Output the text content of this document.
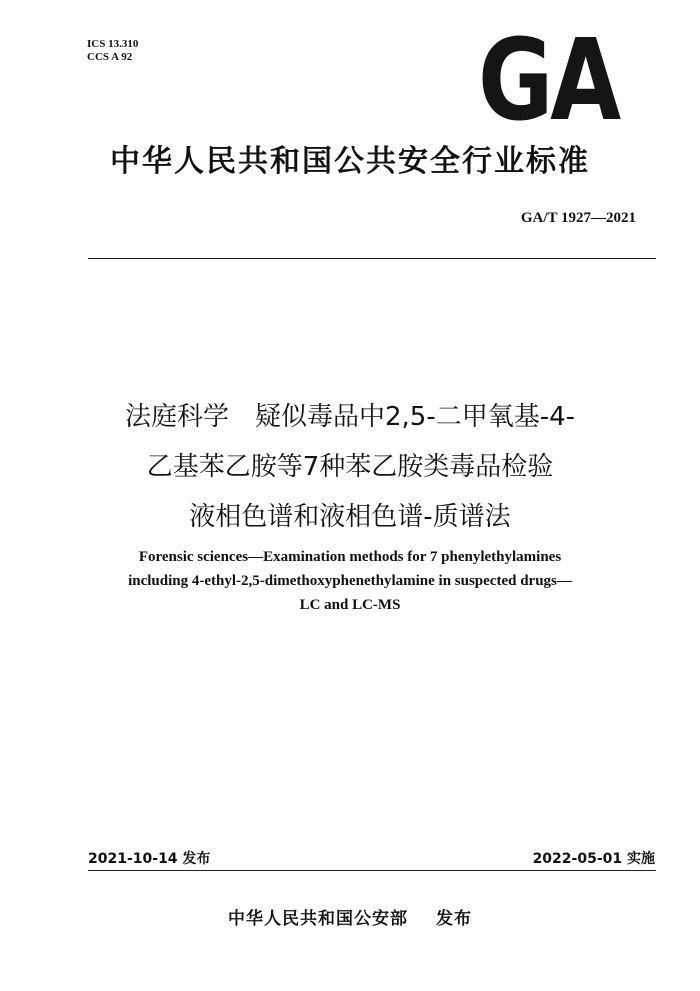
ICS 13.310
CCS A 92	GA
中华人民共和国公共安全行业标准
GA/T 1927—2021
法庭科学　疑似毒品中2,5-二甲氧基-4-
乙基苯乙胺等7种苯乙胺类毒品检验
液相色谱和液相色谱-质谱法
Forensic sciences—Examination methods for 7 phenylethylamines
including 4-ethyl-2,5-dimethoxyphenethylamine in suspected drugs—
LC and LC-MS
2021-10-14 发布	2022-05-01 实施
中华人民共和国公安部 发布
